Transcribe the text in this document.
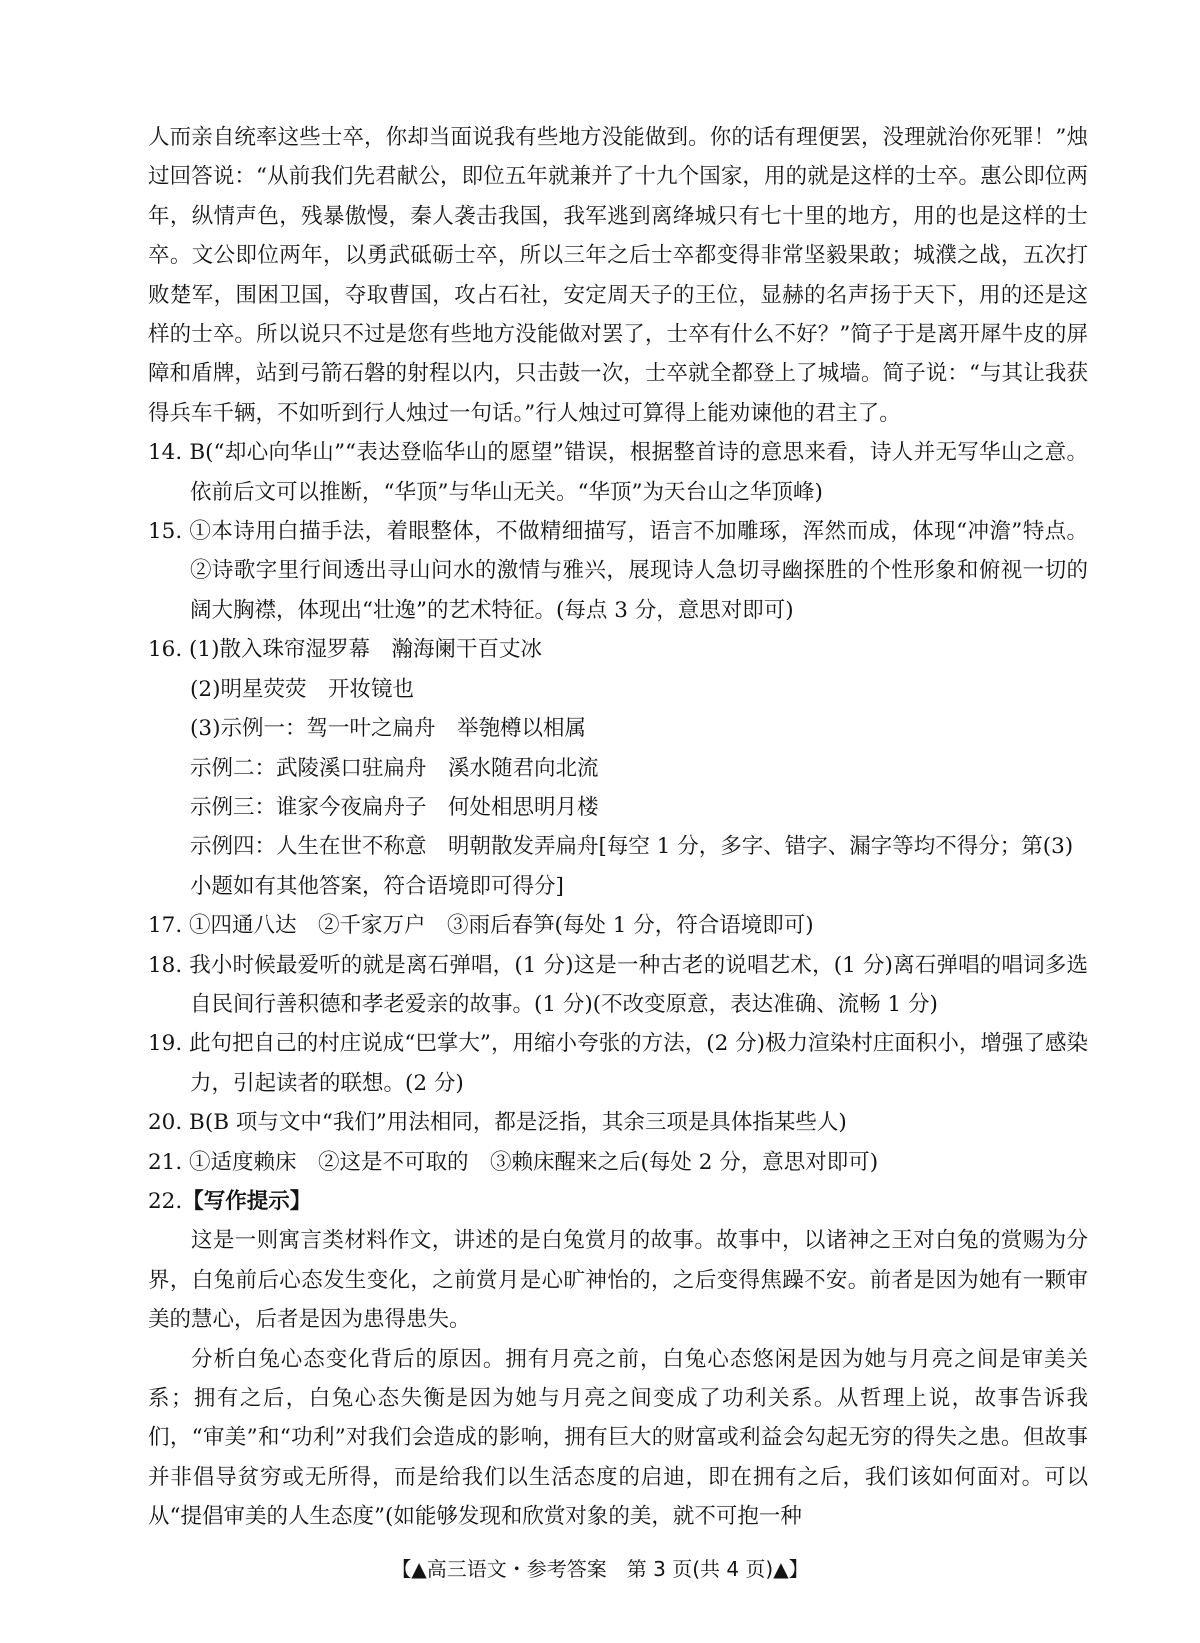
人而亲自统率这些士卒，你却当面说我有些地方没能做到。你的话有理便罢，没理就治你死罪！”烛过回答说：“从前我们先君献公，即位五年就兼并了十九个国家，用的就是这样的士卒。惠公即位两年，纵情声色，残暴傲慢，秦人袭击我国，我军逃到离绛城只有七十里的地方，用的也是这样的士卒。文公即位两年，以勇武砥砺士卒，所以三年之后士卒都变得非常坚毅果敢；城濮之战，五次打败楚军，围困卫国，夺取曹国，攻占石社，安定周天子的王位，显赫的名声扬于天下，用的还是这样的士卒。所以说只不过是您有些地方没能做对罢了，士卒有什么不好？”简子于是离开犀牛皮的屏障和盾牌，站到弓箭石磐的射程以内，只击鼓一次，士卒就全都登上了城墙。简子说：“与其让我获得兵车千辆，不如听到行人烛过一句话。”行人烛过可算得上能劝谏他的君主了。

14. B(“却心向华山”“表达登临华山的愿望”错误，根据整首诗的意思来看，诗人并无写华山之意。依前后文可以推断，“华顶”与华山无关。“华顶”为天台山之华顶峰)

15. ①本诗用白描手法，着眼整体，不做精细描写，语言不加雕琢，浑然而成，体现“冲澹”特点。②诗歌字里行间透出寻山问水的激情与雅兴，展现诗人急切寻幽探胜的个性形象和俯视一切的阔大胸襟，体现出“壮逸”的艺术特征。(每点 3 分，意思对即可)

16. (1)散入珠帘湿罗幕　瀚海阑干百丈冰

(2)明星荧荧　开妆镜也

(3)示例一：驾一叶之扁舟　举匏樽以相属

示例二：武陵溪口驻扁舟　溪水随君向北流

示例三：谁家今夜扁舟子　何处相思明月楼

示例四：人生在世不称意　明朝散发弄扁舟[每空 1 分，多字、错字、漏字等均不得分；第(3)小题如有其他答案，符合语境即可得分]

17. ①四通八达　②千家万户　③雨后春笋(每处 1 分，符合语境即可)

18. 我小时候最爱听的就是离石弹唱，(1 分)这是一种古老的说唱艺术，(1 分)离石弹唱的唱词多选自民间行善积德和孝老爱亲的故事。(1 分)(不改变原意，表达准确、流畅 1 分)

19. 此句把自己的村庄说成“巴掌大”，用缩小夸张的方法，(2 分)极力渲染村庄面积小，增强了感染力，引起读者的联想。(2 分)

20. B(B 项与文中“我们”用法相同，都是泛指，其余三项是具体指某些人)

21. ①适度赖床　②这是不可取的　③赖床醒来之后(每处 2 分，意思对即可)

22.【写作提示】

这是一则寓言类材料作文，讲述的是白兔赏月的故事。故事中，以诸神之王对白兔的赏赐为分界，白兔前后心态发生变化，之前赏月是心旷神怡的，之后变得焦躁不安。前者是因为她有一颗审美的慧心，后者是因为患得患失。

分析白兔心态变化背后的原因。拥有月亮之前，白兔心态悠闲是因为她与月亮之间是审美关系；拥有之后，白兔心态失衡是因为她与月亮之间变成了功利关系。从哲理上说，故事告诉我们，“审美”和“功利”对我们会造成的影响，拥有巨大的财富或利益会勾起无穷的得失之患。但故事并非倡导贫穷或无所得，而是给我们以生活态度的启迪，即在拥有之后，我们该如何面对。可以从“提倡审美的人生态度”(如能够发现和欣赏对象的美，就不可抱一种

【▲高三语文・参考答案　第 3 页(共 4 页)▲】
